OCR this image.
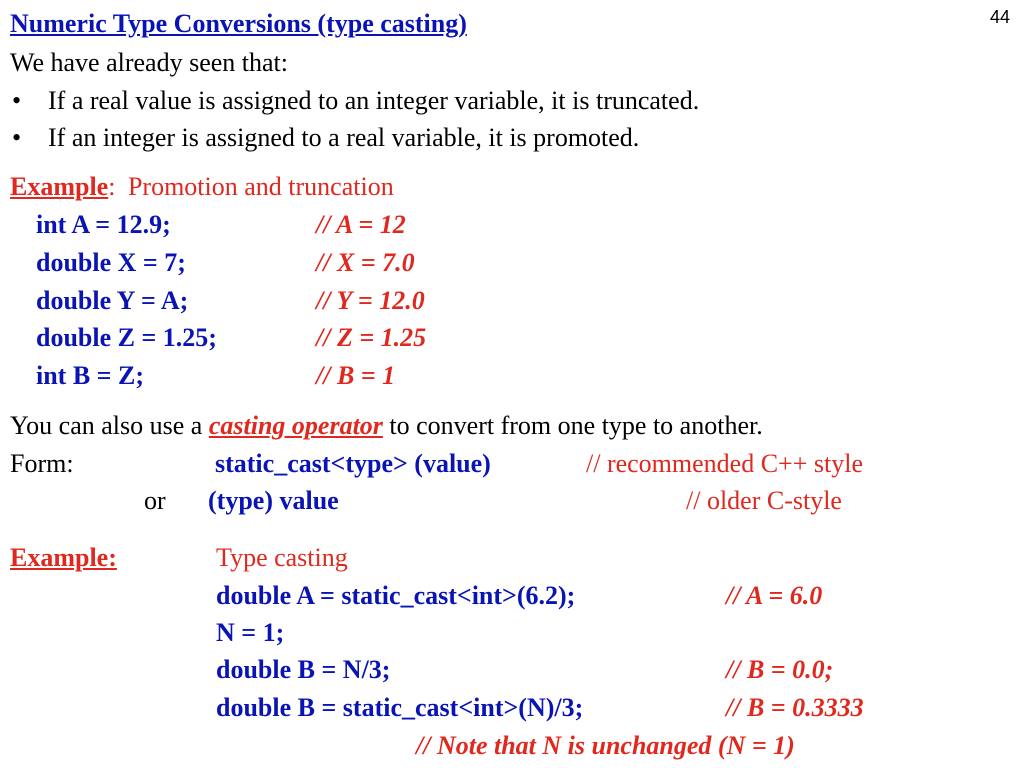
44
Numeric Type Conversions (type casting)
We have already seen that:
• If a real value is assigned to an integer variable, it is truncated.
• If an integer is assigned to a real variable, it is promoted.
Example: Promotion and truncation
int A = 12.9;	// A = 12
double X = 7;	// X = 7.0
double Y = A;	// Y = 12.0
double Z = 1.25;	// Z = 1.25
int B = Z;	// B = 1
You can also use a casting operator to convert from one type to another.
Form:	static_cast<type> (value)	// recommended C++ style
or (type) value	// older C-style
Example:	Type casting
double A = static_cast<int>(6.2);	// A = 6.0
N = 1;
double B = N/3;	// B = 0.0;
double B = static_cast<int>(N)/3;	// B = 0.3333
// Note that N is unchanged (N = 1)
